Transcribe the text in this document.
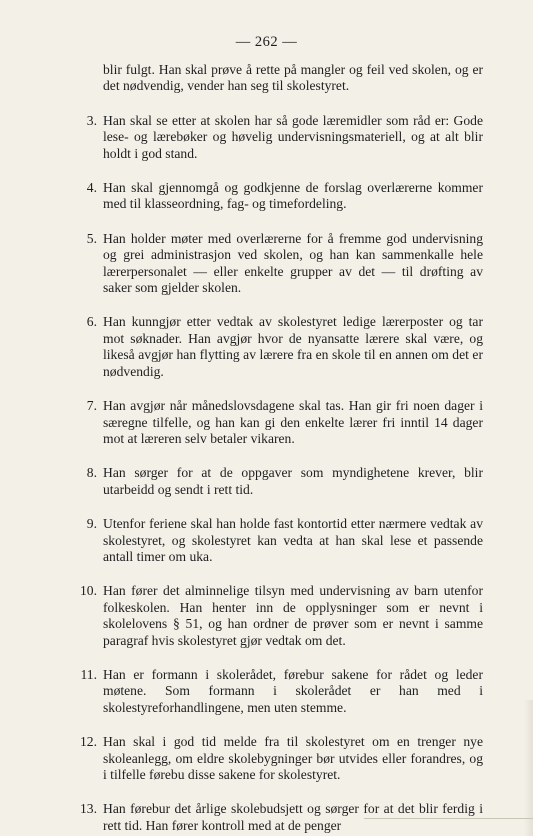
— 262 —

blir fulgt. Han skal prøve å rette på mangler og feil ved skolen, og er det nødvendig, vender han seg til skolestyret.

3. Han skal se etter at skolen har så gode læremidler som råd er: Gode lese- og lærebøker og høvelig undervisningsmateriell, og at alt blir holdt i god stand.
4. Han skal gjennomgå og godkjenne de forslag overlærerne kommer med til klasseordning, fag- og timefordeling.
5. Han holder møter med overlærerne for å fremme god undervisning og grei administrasjon ved skolen, og han kan sammenkalle hele lærerpersonalet — eller enkelte grupper av det — til drøfting av saker som gjelder skolen.
6. Han kunngjør etter vedtak av skolestyret ledige lærerposter og tar mot søknader. Han avgjør hvor de nyansatte lærere skal være, og likeså avgjør han flytting av lærere fra en skole til en annen om det er nødvendig.
7. Han avgjør når månedslovsdagene skal tas. Han gir fri noen dager i særegne tilfelle, og han kan gi den enkelte lærer fri inntil 14 dager mot at læreren selv betaler vikaren.
8. Han sørger for at de oppgaver som myndighetene krever, blir utarbeidd og sendt i rett tid.
9. Utenfor feriene skal han holde fast kontortid etter nærmere vedtak av skolestyret, og skolestyret kan vedta at han skal lese et passende antall timer om uka.
10. Han fører det alminnelige tilsyn med undervisning av barn utenfor folkeskolen. Han henter inn de opplysninger som er nevnt i skolelovens § 51, og han ordner de prøver som er nevnt i samme paragraf hvis skolestyret gjør vedtak om det.
11. Han er formann i skolerådet, førebur sakene for rådet og leder møtene. Som formann i skolerådet er han med i skolestyreforhandlingene, men uten stemme.
12. Han skal i god tid melde fra til skolestyret om en trenger nye skoleanlegg, om eldre skolebygninger bør utvides eller forandres, og i tilfelle førebu disse sakene for skolestyret.
13. Han førebur det årlige skolebudsjett og sørger for at det blir ferdig i rett tid. Han fører kontroll med at de penger
